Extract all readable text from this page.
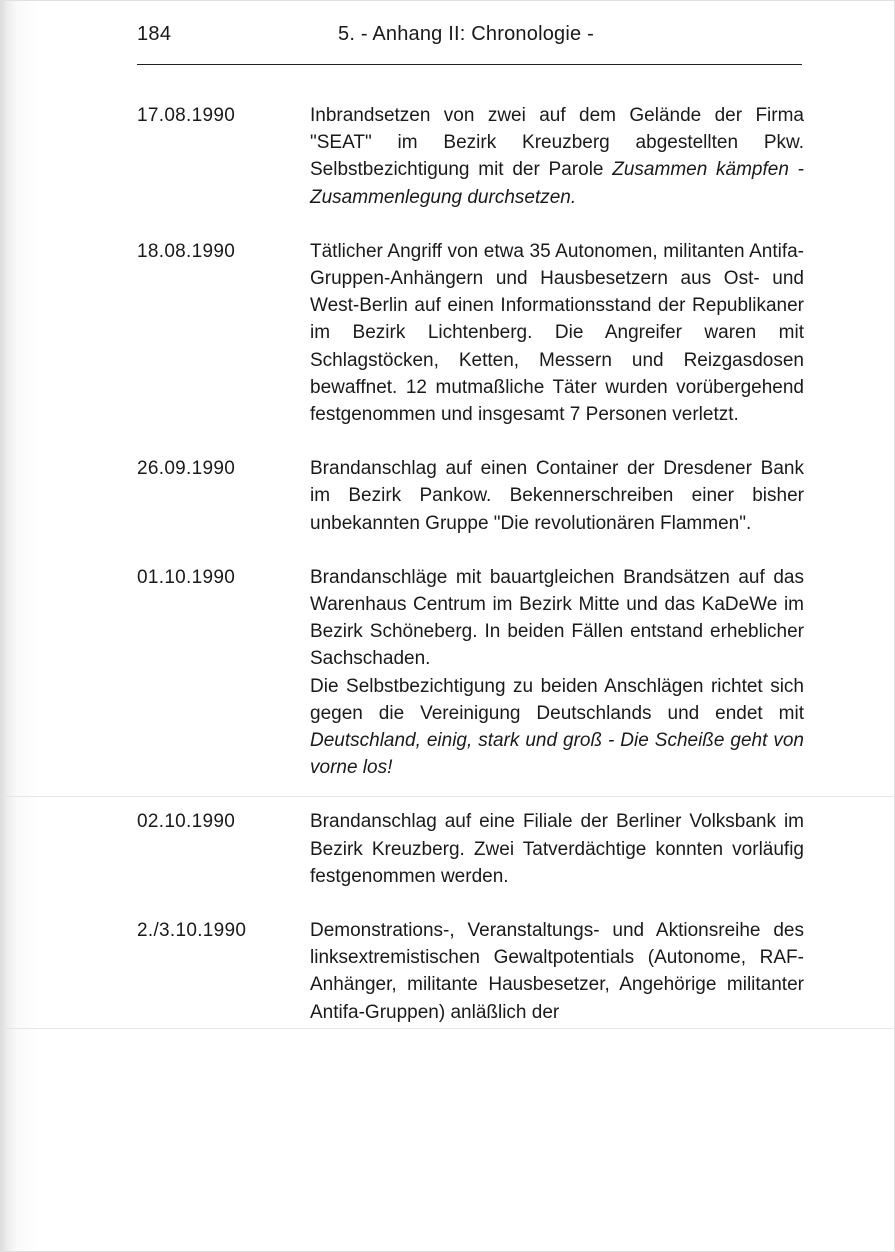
184	5. - Anhang II: Chronologie -
17.08.1990	Inbrandsetzen von zwei auf dem Gelände der Firma "SEAT" im Bezirk Kreuzberg abgestellten Pkw. Selbstbezichtigung mit der Parole Zusammen kämpfen - Zusammenlegung durchsetzen.

18.08.1990	Tätlicher Angriff von etwa 35 Autonomen, militanten Antifa-Gruppen-Anhängern und Hausbesetzern aus Ost- und West-Berlin auf einen Informationsstand der Republikaner im Bezirk Lichtenberg. Die Angreifer waren mit Schlagstöcken, Ketten, Messern und Reizgasdosen bewaffnet. 12 mutmaßliche Täter wurden vorübergehend festgenommen und insgesamt 7 Personen verletzt.

26.09.1990	Brandanschlag auf einen Container der Dresdener Bank im Bezirk Pankow. Bekennerschreiben einer bisher unbekannten Gruppe "Die revolutionären Flammen".

01.10.1990	Brandanschläge mit bauartgleichen Brandsätzen auf das Warenhaus Centrum im Bezirk Mitte und das KaDeWe im Bezirk Schöneberg. In beiden Fällen entstand erheblicher Sachschaden.

Die Selbstbezichtigung zu beiden Anschlägen richtet sich gegen die Vereinigung Deutschlands und endet mit Deutschland, einig, stark und groß - Die Scheiße geht von vorne los!

02.10.1990	Brandanschlag auf eine Filiale der Berliner Volksbank im Bezirk Kreuzberg. Zwei Tatverdächtige konnten vorläufig festgenommen werden.

2./3.10.1990	Demonstrations-, Veranstaltungs- und Aktionsreihe des linksextremistischen Gewaltpotentials (Autonome, RAF-Anhänger, militante Hausbesetzer, Angehörige militanter Antifa-Gruppen) anläßlich der
